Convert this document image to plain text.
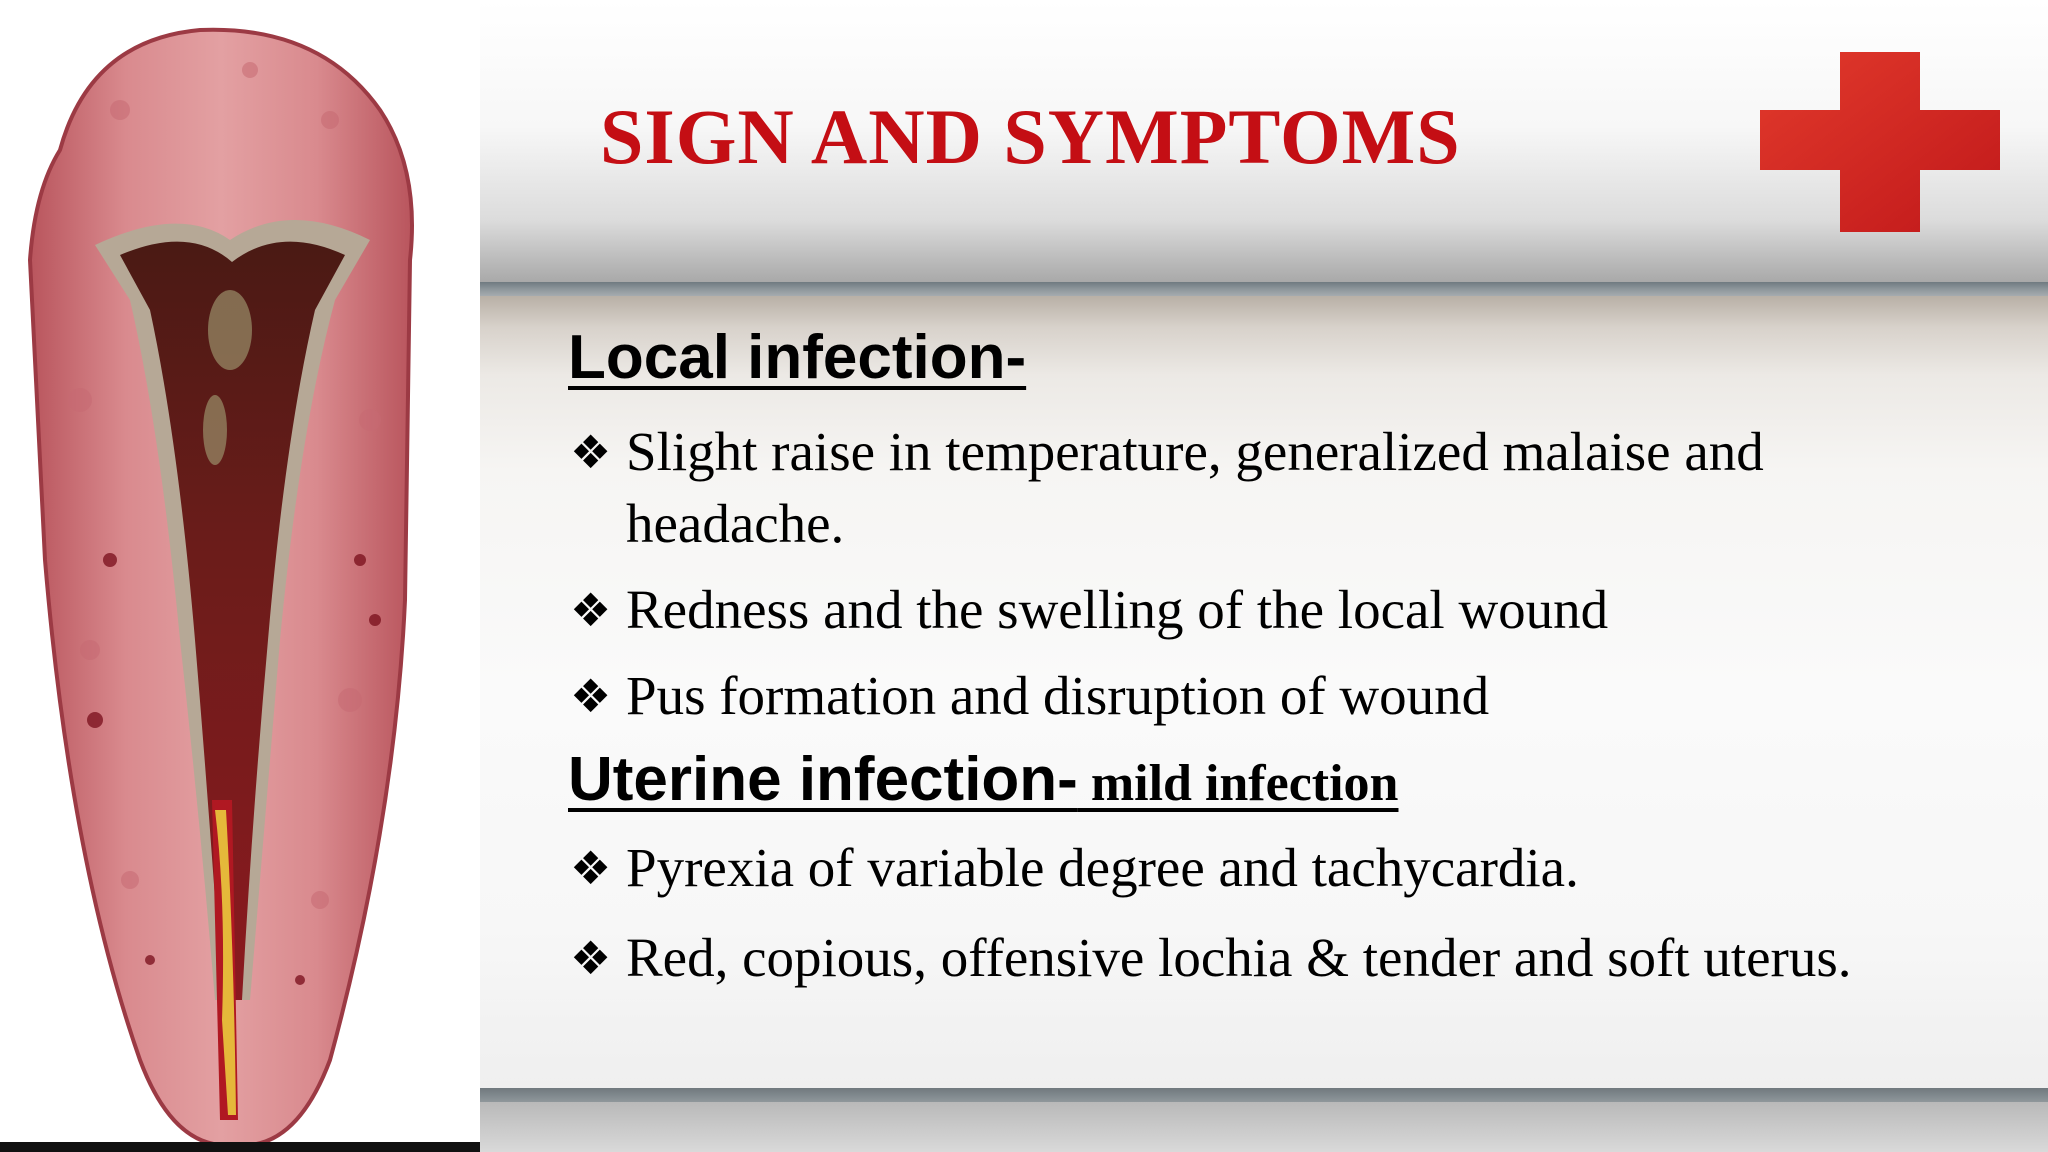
SIGN AND SYMPTOMS
Local infection-
❖ Slight raise in temperature, generalized malaise and headache.
❖ Redness and the swelling of the local wound
❖ Pus formation and disruption of wound
Uterine infection- mild infection
❖ Pyrexia of variable degree and tachycardia.
❖ Red, copious, offensive lochia & tender and soft uterus.
